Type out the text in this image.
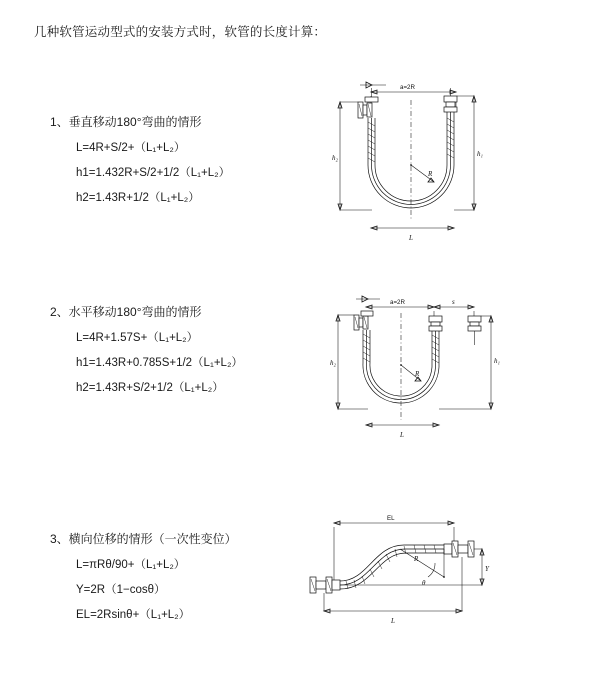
几种软管运动型式的安装方式时，软管的长度计算：
1、垂直移动180°弯曲的情形
L=4R+S/2+（L₁+L₂）
h1=1.432R+S/2+1/2（L₁+L₂）
h2=1.43R+1/2（L₁+L₂）
2、水平移动180°弯曲的情形
L=4R+1.57S+（L₁+L₂）
h1=1.43R+0.785S+1/2（L₁+L₂）
h2=1.43R+S/2+1/2（L₁+L₂）
3、横向位移的情形（一次性变位）
L=πRθ/90+（L₁+L₂）
Y=2R（1−cosθ）
EL=2Rsinθ+（L₁+L₂）
a=2R
R
h₂	h₁
L
a=2R	s
R
h₂	h₁
L
EL
Y
θ
R
L
